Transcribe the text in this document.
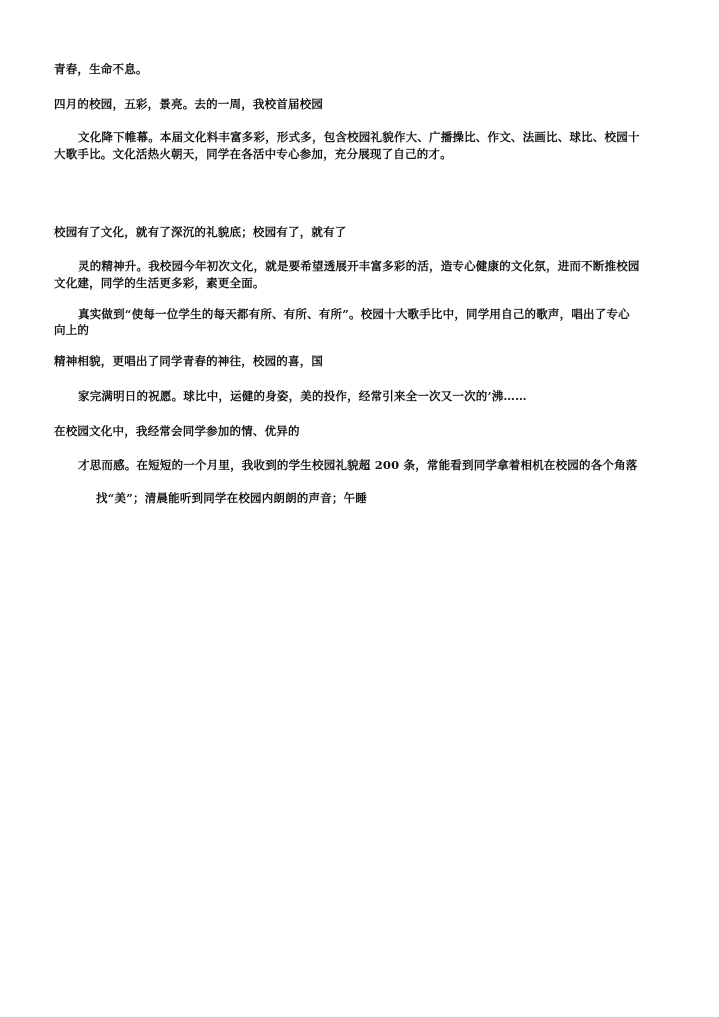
青春，生命不息。

四月的校园，五彩，景亮。去的一周，我校首届校园

文化降下帷幕。本届文化料丰富多彩，形式多，包含校园礼貌作大、广播操比、作文、法画比、球比、校园十

大歌手比。文化活热火朝天，同学在各活中专心参加，充分展现了自己的才。

校园有了文化，就有了深沉的礼貌底；校园有了，就有了

灵的精神升。我校园今年初次文化，就是要希望透展开丰富多彩的活，造专心健康的文化氛，进而不断推校园

文化建，同学的生活更多彩，素更全面。

真实做到“使每一位学生的每天都有所、有所、有所”。校园十大歌手比中，同学用自己的歌声，唱出了专心

向上的

精神相貌，更唱出了同学青春的神往，校园的喜，国

家完满明日的祝愿。球比中，运健的身姿，美的投作，经常引来全一次又一次的’沸……

在校园文化中，我经常会同学参加的情、优异的

才思而感。在短短的一个月里，我收到的学生校园礼貌超 200 条，常能看到同学拿着相机在校园的各个角落

找“美”；清晨能听到同学在校园内朗朗的声音；午睡
